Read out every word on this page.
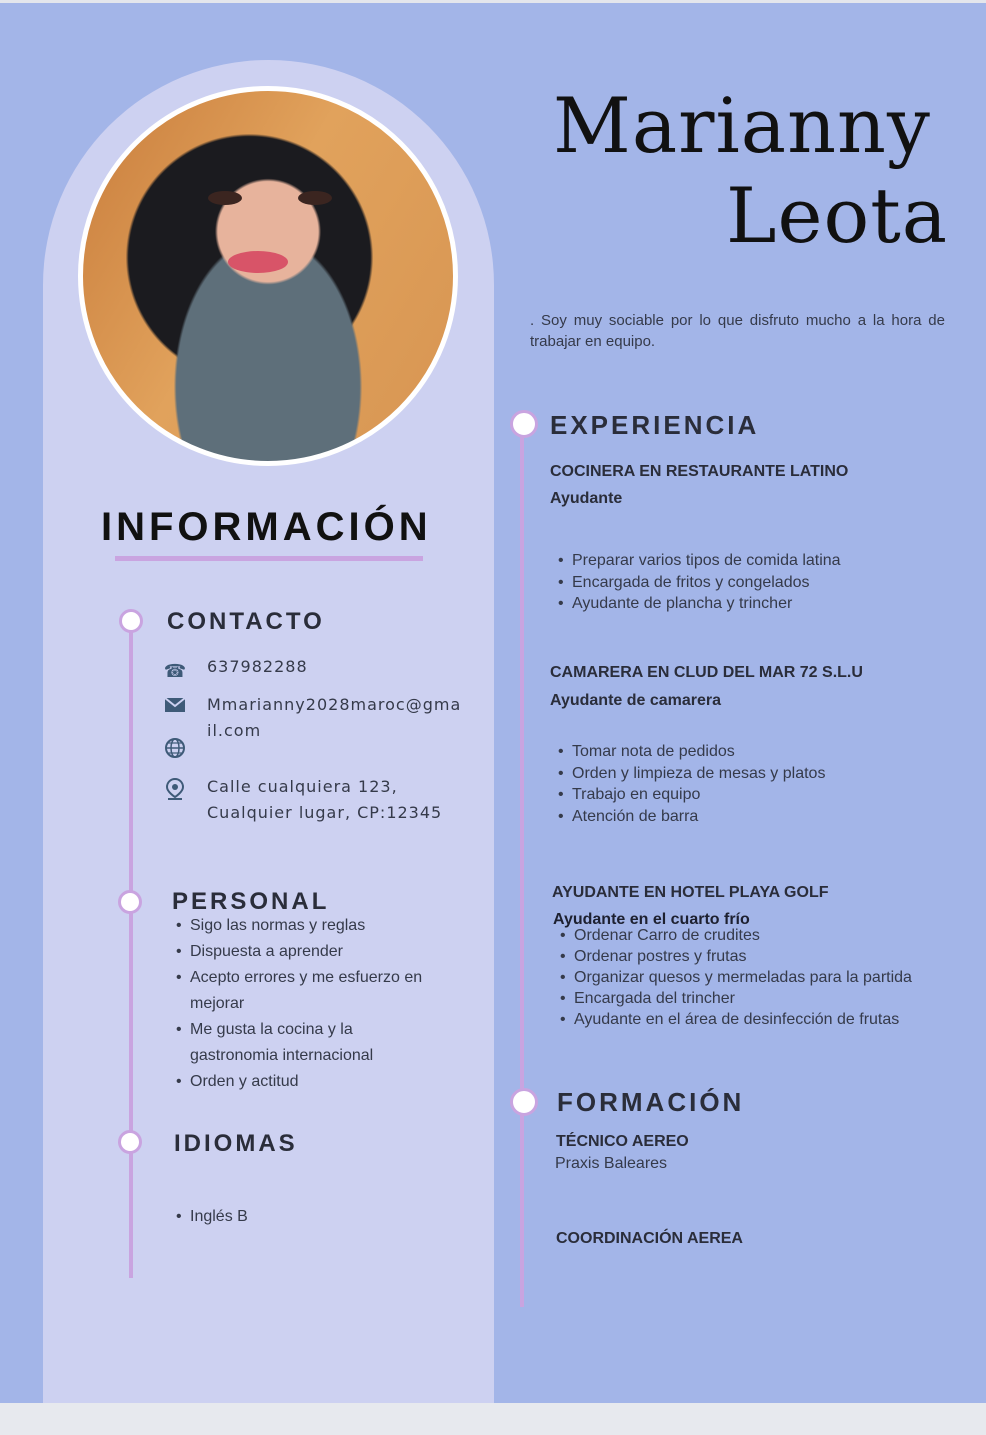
Marianny
Leota
. Soy muy sociable por lo que disfruto mucho a la hora de trabajar en equipo.
INFORMACIÓN
CONTACTO
☎ 637982288
Mmarianny2028maroc@gmail.com
Calle cualquiera 123, Cualquier lugar, CP:12345
PERSONAL
• Sigo las normas y reglas
• Dispuesta a aprender
• Acepto errores y me esfuerzo en mejorar
• Me gusta la cocina y la gastronomia internacional
• Orden y actitud
IDIOMAS
• Inglés B
EXPERIENCIA
COCINERA EN RESTAURANTE LATINO
Ayudante
• Preparar varios tipos de comida latina
• Encargada de fritos y congelados
• Ayudante de plancha y trincher
CAMARERA EN CLUD DEL MAR 72 S.L.U
Ayudante de camarera
• Tomar nota de pedidos
• Orden y limpieza de mesas y platos
• Trabajo en equipo
• Atención de barra
AYUDANTE EN HOTEL PLAYA GOLF
Ayudante en el cuarto frío
• Ordenar Carro de crudites
• Ordenar postres y frutas
• Organizar quesos y mermeladas para la partida
• Encargada del trincher
• Ayudante en el área de desinfección de frutas
FORMACIÓN
TÉCNICO AEREO
Praxis Baleares
COORDINACIÓN AEREA
